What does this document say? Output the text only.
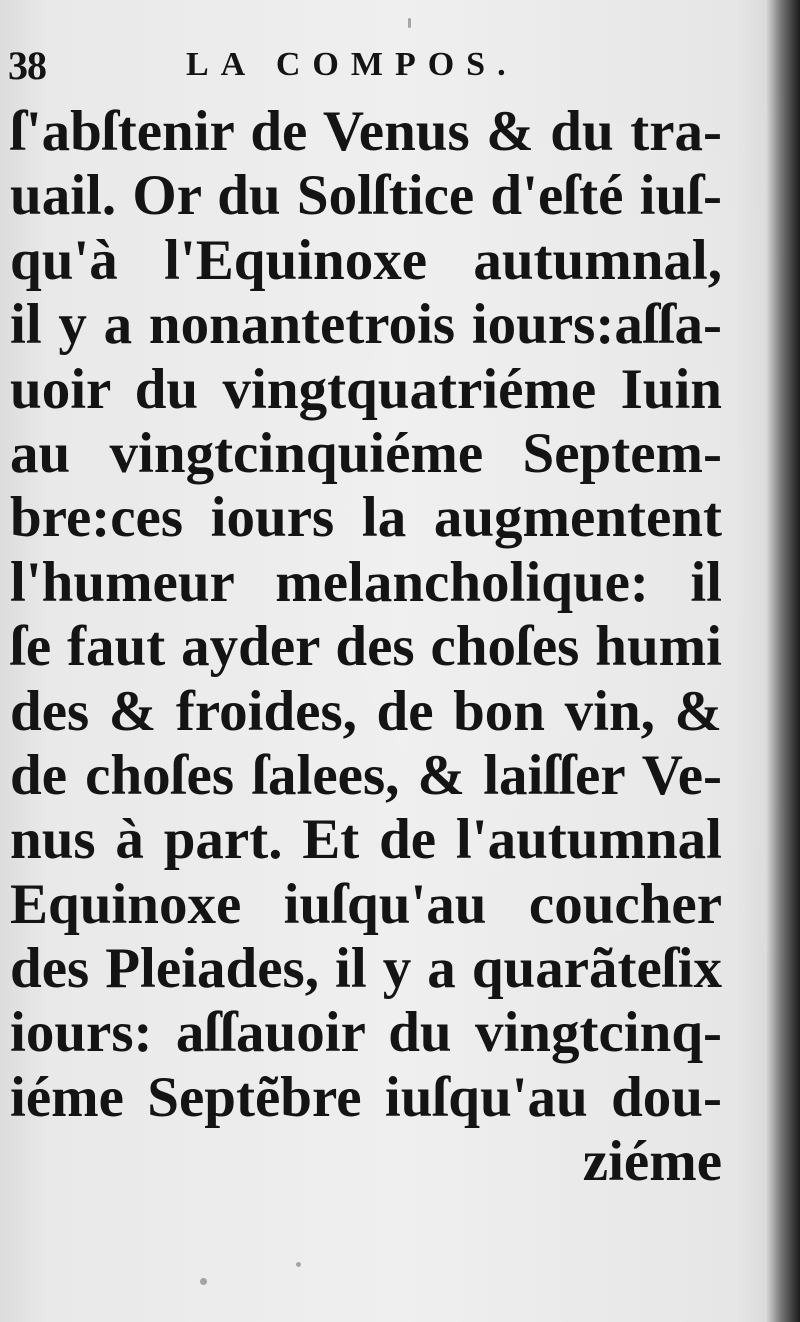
38	LA COMPOS.
ſ'abſtenir de Venus & du tra-
uail. Or du Solſtice d'eſté iuſ-
qu'à l'Equinoxe autumnal,
il y a nonantetrois iours:aſſa-
uoir du vingtquatriéme Iuin
au vingtcinquiéme Septem-
bre:ces iours la augmentent
l'humeur melancholique: il
ſe faut ayder des choſes humi
des & froides, de bon vin, &
de choſes ſalees, & laiſſer Ve-
nus à part. Et de l'autumnal
Equinoxe iuſqu'au coucher
des Pleiades, il y a quarãteſix
iours: aſſauoir du vingtcinq-
iéme Septẽbre iuſqu'au dou-
ziéme
